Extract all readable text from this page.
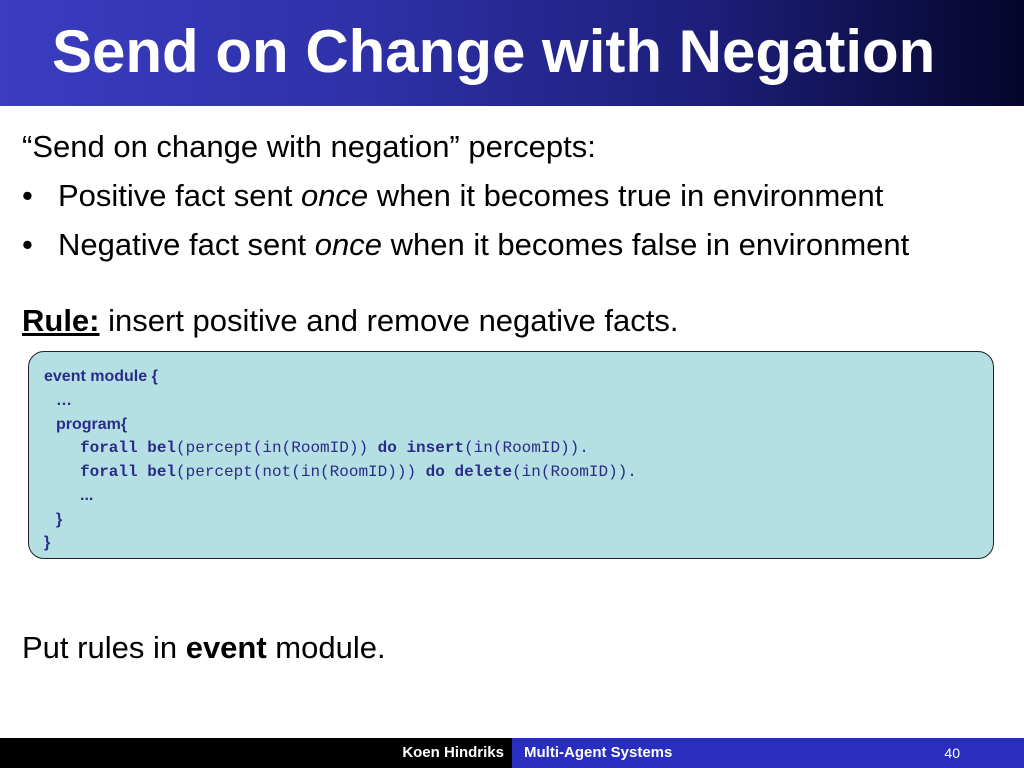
Send on Change with Negation
“Send on change with negation” percepts:
• Positive fact sent once when it becomes true in environment
• Negative fact sent once when it becomes false in environment
Rule: insert positive and remove negative facts.
event module {
…
program{
forall bel(percept(in(RoomID)) do insert(in(RoomID)).
forall bel(percept(not(in(RoomID))) do delete(in(RoomID)).
...
}
}
Put rules in event module.
Koen Hindriks	Multi-Agent Systems	40
